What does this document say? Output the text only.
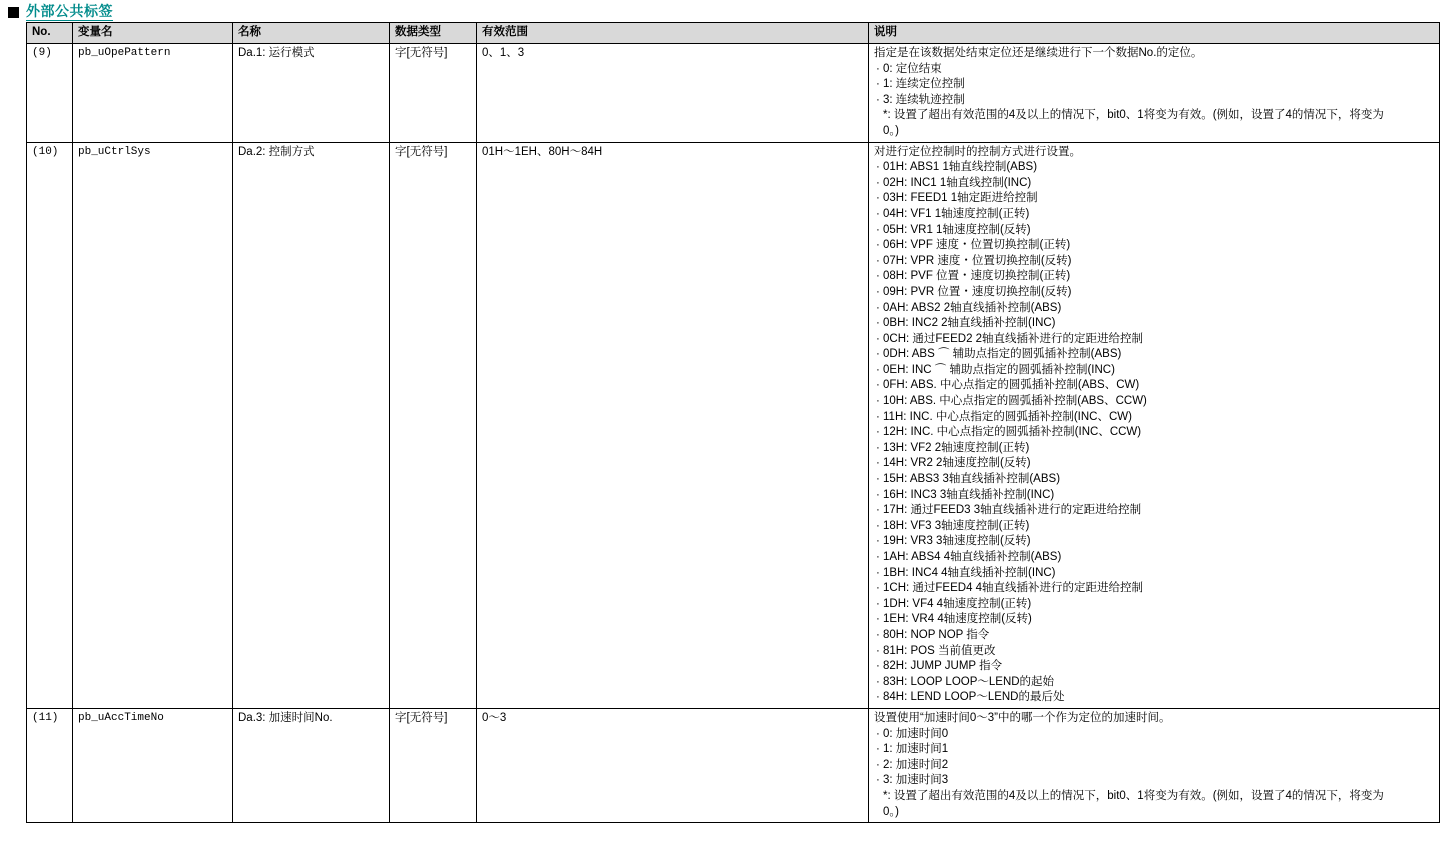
外部公共标签
No.	变量名	名称	数据类型	有效范围	说明
(9)	pb_uOpePattern	Da.1: 运行模式	字[无符号]	0、1、3	指定是在该数据处结束定位还是继续进行下一个数据No.的定位。
· 0: 定位结束
· 1: 连续定位控制
· 3: 连续轨迹控制
*: 设置了超出有效范围的4及以上的情况下，bit0、1将变为有效。(例如，设置了4的情况下，将变为
0。)

(10)	pb_uCtrlSys	Da.2: 控制方式	字[无符号]	01H～1EH、80H～84H	对进行定位控制时的控制方式进行设置。
· 01H: ABS1 1轴直线控制(ABS)
· 02H: INC1 1轴直线控制(INC)
· 03H: FEED1 1轴定距进给控制
· 04H: VF1 1轴速度控制(正转)
· 05H: VR1 1轴速度控制(反转)
· 06H: VPF 速度・位置切换控制(正转)
· 07H: VPR 速度・位置切换控制(反转)
· 08H: PVF 位置・速度切换控制(正转)
· 09H: PVR 位置・速度切换控制(反转)
· 0AH: ABS2 2轴直线插补控制(ABS)
· 0BH: INC2 2轴直线插补控制(INC)
· 0CH: 通过FEED2 2轴直线插补进行的定距进给控制
· 0DH: ABS ⌒ 辅助点指定的圆弧插补控制(ABS)
· 0EH: INC ⌒ 辅助点指定的圆弧插补控制(INC)
· 0FH: ABS. 中心点指定的圆弧插补控制(ABS、CW)
· 10H: ABS. 中心点指定的圆弧插补控制(ABS、CCW)
· 11H: INC. 中心点指定的圆弧插补控制(INC、CW)
· 12H: INC. 中心点指定的圆弧插补控制(INC、CCW)
· 13H: VF2 2轴速度控制(正转)
· 14H: VR2 2轴速度控制(反转)
· 15H: ABS3 3轴直线插补控制(ABS)
· 16H: INC3 3轴直线插补控制(INC)
· 17H: 通过FEED3 3轴直线插补进行的定距进给控制
· 18H: VF3 3轴速度控制(正转)
· 19H: VR3 3轴速度控制(反转)
· 1AH: ABS4 4轴直线插补控制(ABS)
· 1BH: INC4 4轴直线插补控制(INC)
· 1CH: 通过FEED4 4轴直线插补进行的定距进给控制
· 1DH: VF4 4轴速度控制(正转)
· 1EH: VR4 4轴速度控制(反转)
· 80H: NOP NOP 指令
· 81H: POS 当前值更改
· 82H: JUMP JUMP 指令
· 83H: LOOP LOOP～LEND的起始
· 84H: LEND LOOP～LEND的最后处

(11)	pb_uAccTimeNo	Da.3: 加速时间No.	字[无符号]	0～3	设置使用“加速时间0～3”中的哪一个作为定位的加速时间。
· 0: 加速时间0
· 1: 加速时间1
· 2: 加速时间2
· 3: 加速时间3
*: 设置了超出有效范围的4及以上的情况下，bit0、1将变为有效。(例如，设置了4的情况下，将变为
0。)
